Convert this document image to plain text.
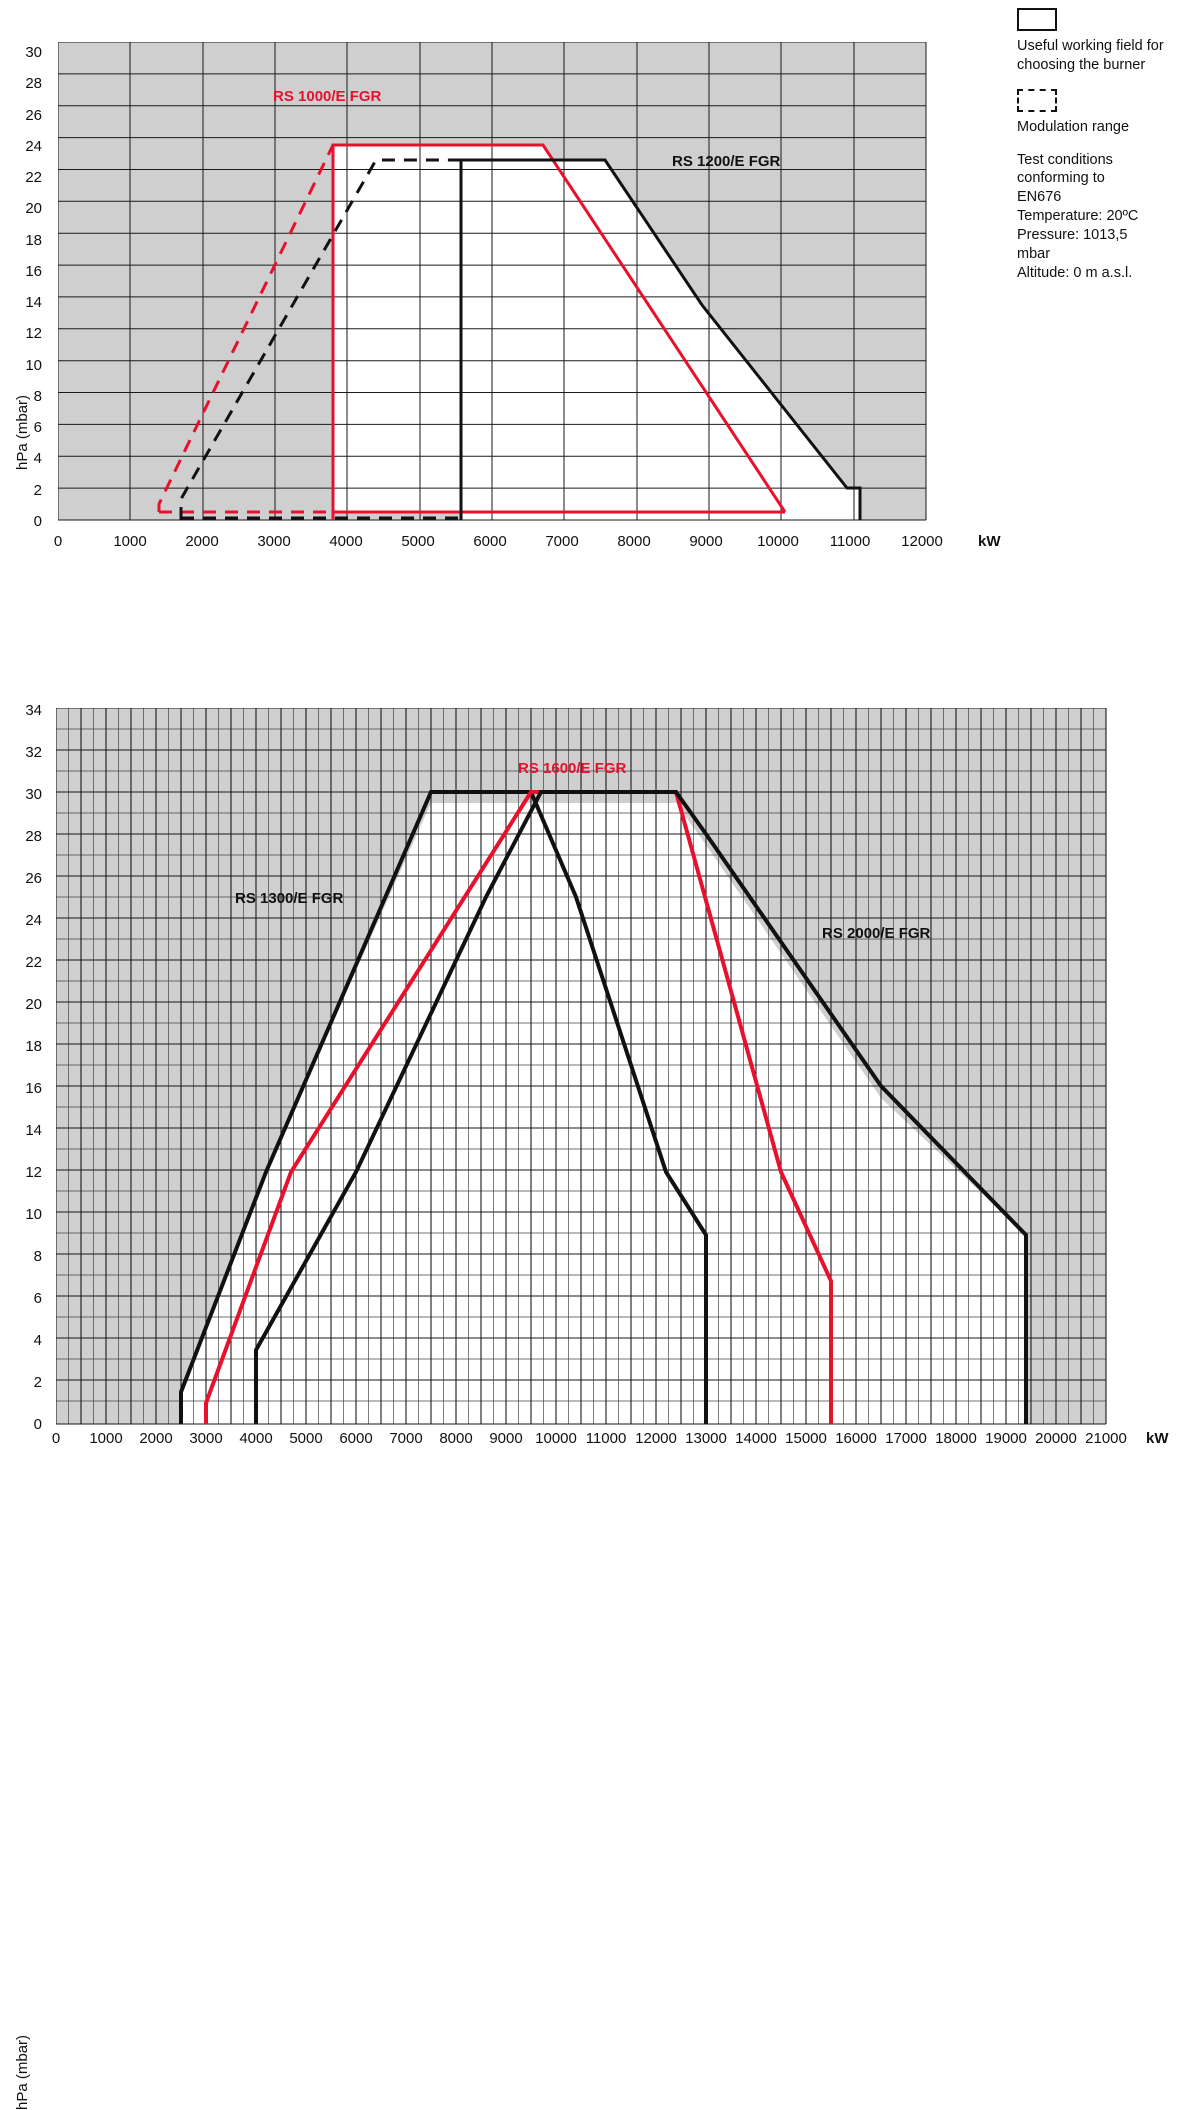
hPa (mbar)
kW
30
28
26
24
22
20
18
16
14
12
10
8
6
4
2
0
0	1000	2000	3000	4000	5000	6000	7000	8000	9000	10000	11000	12000
RS 1000/E FGR
RS 1200/E FGR

Useful working field for choosing the burner

Modulation range

Test conditions

conforming to

EN676

Temperature: 20ºC

Pressure: 1013,5

mbar

Altitude: 0 m a.s.l.

hPa (mbar)
kW
34
32
30
28
26
24
22
20
18
16
14
12
10
8
6
4
2
0
0	1000	2000	3000	4000	5000	6000	7000	8000	9000 10000 11000 12000 13000 14000 15000 16000 17000 18000 19000 20000 21000
RS 1300/E FGR
RS 1600/E FGR
RS 2000/E FGR
